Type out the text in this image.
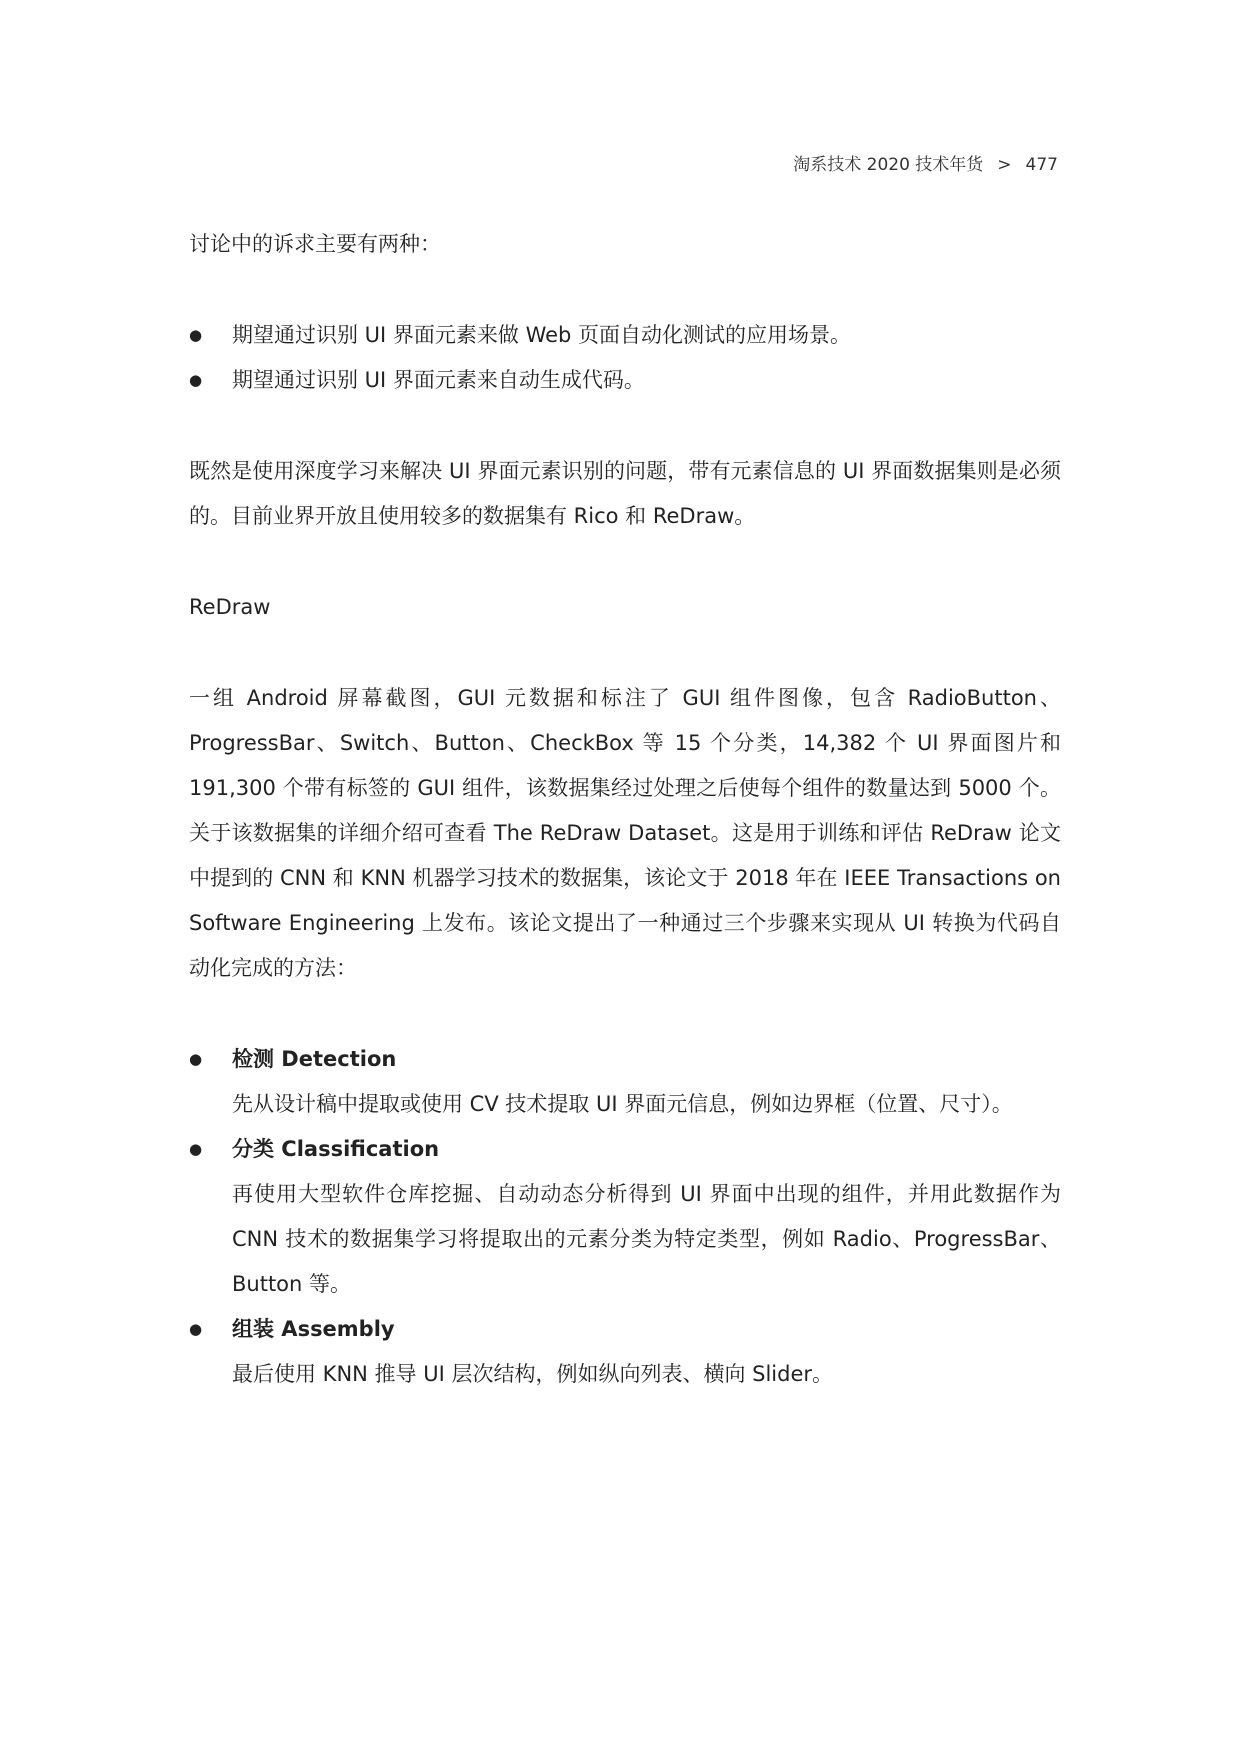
淘系技术 2020 技术年货 > 477

讨论中的诉求主要有两种：

● 期望通过识别 UI 界面元素来做 Web 页面自动化测试的应用场景。
● 期望通过识别 UI 界面元素来自动生成代码。

既然是使用深度学习来解决 UI 界面元素识别的问题，带有元素信息的 UI 界面数据集则是必须的。目前业界开放且使用较多的数据集有 Rico 和 ReDraw。

ReDraw

一组 Android 屏幕截图，GUI 元数据和标注了 GUI 组件图像，包含 RadioButton、ProgressBar、Switch、Button、CheckBox 等 15 个分类，14,382 个 UI 界面图片和 191,300 个带有标签的 GUI 组件，该数据集经过处理之后使每个组件的数量达到 5000 个。关于该数据集的详细介绍可查看 The ReDraw Dataset。这是用于训练和评估 ReDraw 论文中提到的 CNN 和 KNN 机器学习技术的数据集，该论文于 2018 年在 IEEE Transactions on Software Engineering 上发布。该论文提出了一种通过三个步骤来实现从 UI 转换为代码自动化完成的方法：

● 检测 Detection
先从设计稿中提取或使用 CV 技术提取 UI 界面元信息，例如边界框（位置、尺寸）。
● 分类 Classification
再使用大型软件仓库挖掘、自动动态分析得到 UI 界面中出现的组件，并用此数据作为 CNN 技术的数据集学习将提取出的元素分类为特定类型，例如 Radio、ProgressBar、Button 等。
● 组装 Assembly
最后使用 KNN 推导 UI 层次结构，例如纵向列表、横向 Slider。
